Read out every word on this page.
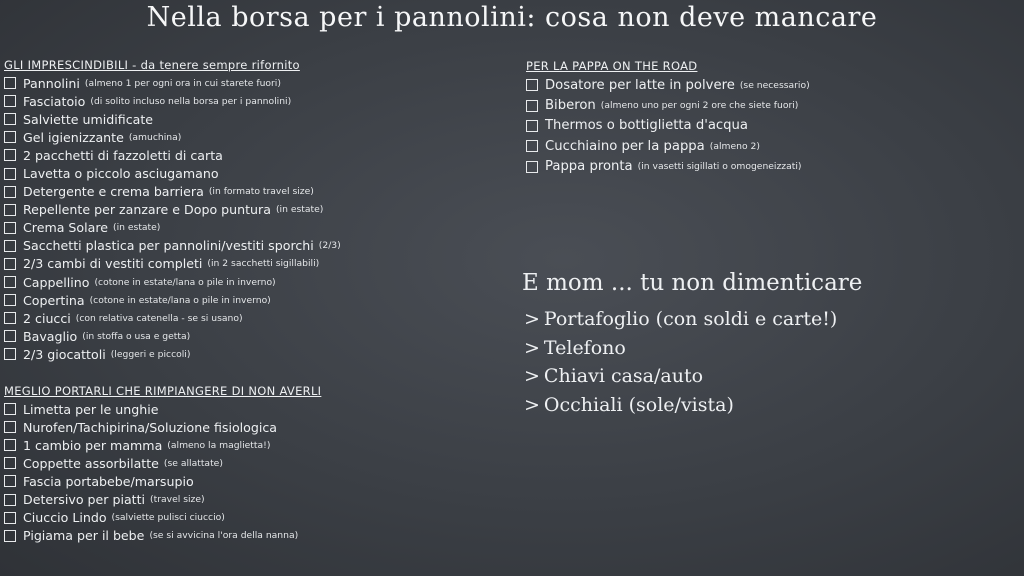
Nella borsa per i pannolini: cosa non deve mancare
GLI IMPRESCINDIBILI - da tenere sempre rifornito
Pannolini (almeno 1 per ogni ora in cui starete fuori)
Fasciatoio (di solito incluso nella borsa per i pannolini)
Salviette umidificate
Gel igienizzante (amuchina)
2 pacchetti di fazzoletti di carta
Lavetta o piccolo asciugamano
Detergente e crema barriera (in formato travel size)
Repellente per zanzare e Dopo puntura (in estate)
Crema Solare (in estate)
Sacchetti plastica per pannolini/vestiti sporchi (2/3)
2/3 cambi di vestiti completi (in 2 sacchetti sigillabili)
Cappellino (cotone in estate/lana o pile in inverno)
Copertina (cotone in estate/lana o pile in inverno)
2 ciucci (con relativa catenella - se si usano)
Bavaglio (in stoffa o usa e getta)
2/3 giocattoli (leggeri e piccoli)
MEGLIO PORTARLI CHE RIMPIANGERE DI NON AVERLI
Limetta per le unghie
Nurofen/Tachipirina/Soluzione fisiologica
1 cambio per mamma (almeno la maglietta!)
Coppette assorbilatte (se allattate)
Fascia portabebe/marsupio
Detersivo per piatti (travel size)
Ciuccio Lindo (salviette pulisci ciuccio)
Pigiama per il bebe (se si avvicina l'ora della nanna)
PER LA PAPPA ON THE ROAD
Dosatore per latte in polvere (se necessario)
Biberon (almeno uno per ogni 2 ore che siete fuori)
Thermos o bottiglietta d'acqua
Cucchiaino per la pappa (almeno 2)
Pappa pronta (in vasetti sigillati o omogeneizzati)
E mom ... tu non dimenticare
> Portafoglio (con soldi e carte!)
> Telefono
> Chiavi casa/auto
> Occhiali (sole/vista)
